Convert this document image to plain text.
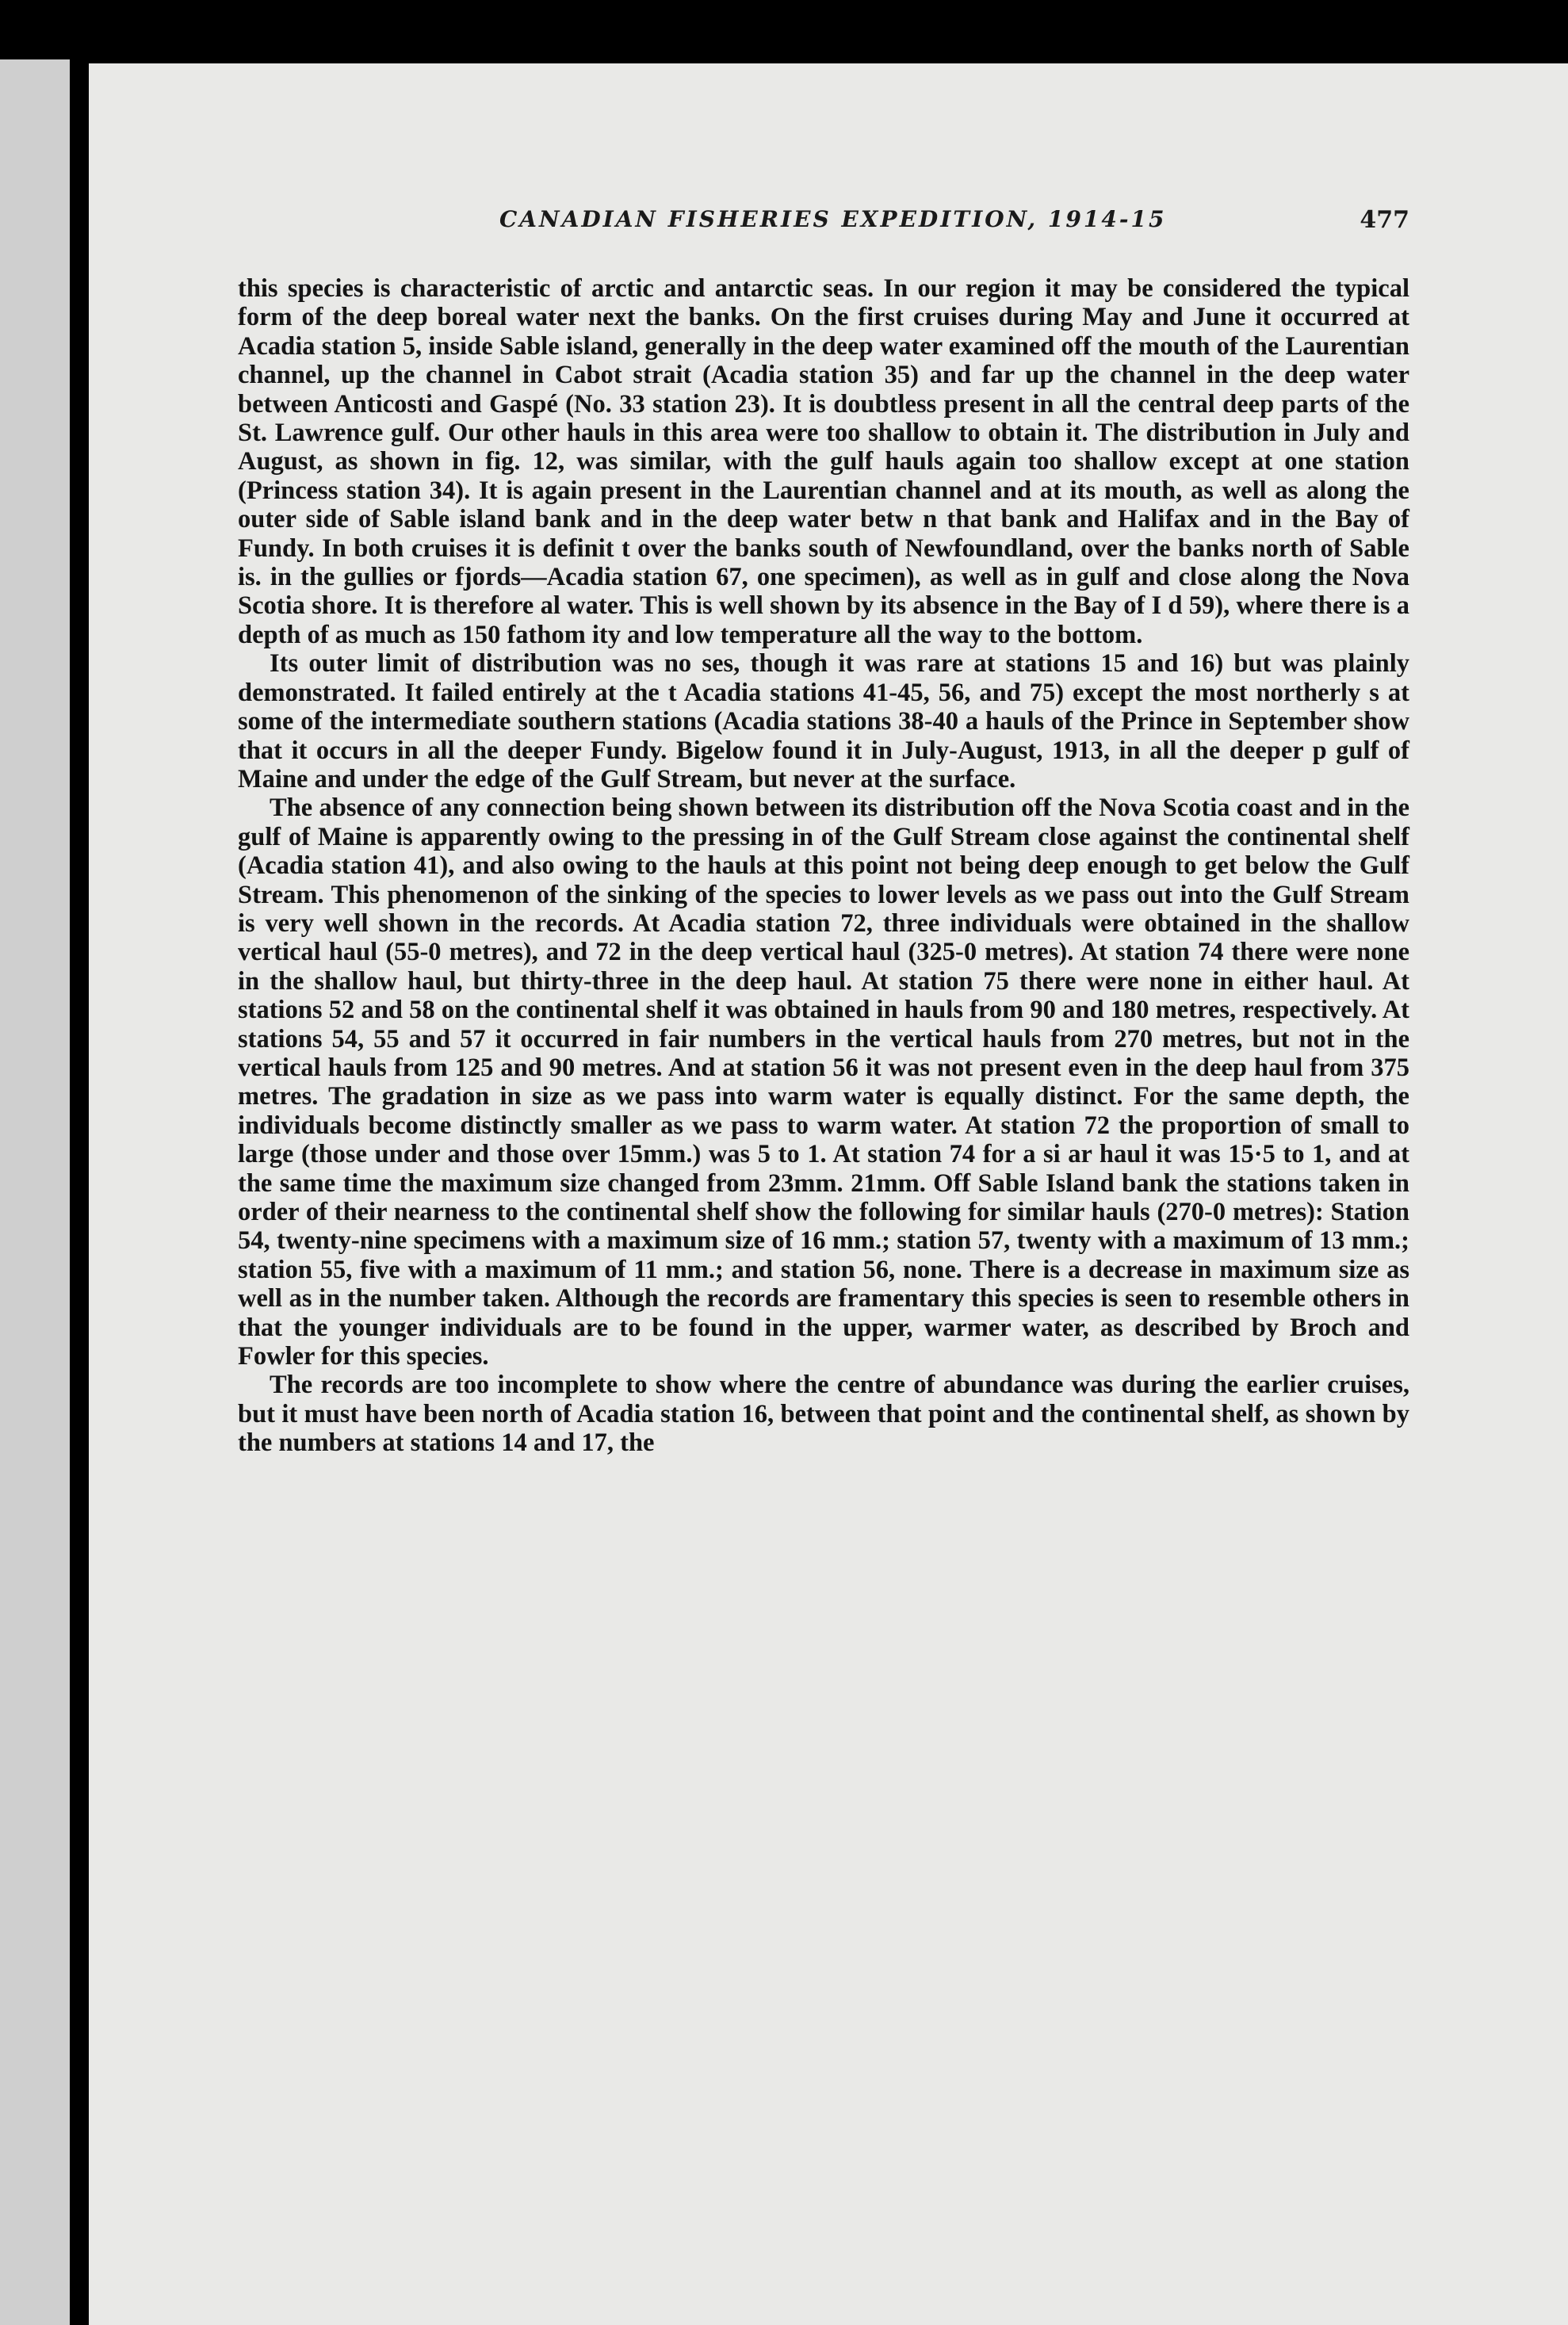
CANADIAN FISHERIES EXPEDITION, 1914-15	477

this species is characteristic of arctic and antarctic seas. In our region it may be considered the typical form of the deep boreal water next the banks. On the first cruises during May and June it occurred at Acadia station 5, inside Sable island, generally in the deep water examined off the mouth of the Laurentian channel, up the channel in Cabot strait (Acadia station 35) and far up the channel in the deep water between Anticosti and Gaspé (No. 33 station 23). It is doubtless present in all the central deep parts of the St. Lawrence gulf. Our other hauls in this area were too shallow to obtain it. The distribution in July and August, as shown in fig. 12, was similar, with the gulf hauls again too shallow except at one station (Princess station 34). It is again present in the Laurentian channel and at its mouth, as well as along the outer side of Sable island bank and in the deep water betw n that bank and Halifax and in the Bay of Fundy. In both cruises it is definit t over the banks south of Newfoundland, over the banks north of Sable is. in the gullies or fjords—Acadia station 67, one specimen), as well as in gulf and close along the Nova Scotia shore. It is therefore al water. This is well shown by its absence in the Bay of I d 59), where there is a depth of as much as 150 fathom ity and low temperature all the way to the bottom.

Its outer limit of distribution was no ses, though it was rare at stations 15 and 16) but was plainly demonstrated. It failed entirely at the t Acadia stations 41-45, 56, and 75) except the most northerly s at some of the intermediate southern stations (Acadia stations 38-40 a hauls of the Prince in September show that it occurs in all the deeper Fundy. Bigelow found it in July-August, 1913, in all the deeper p gulf of Maine and under the edge of the Gulf Stream, but never at the surface.

The absence of any connection being shown between its distribution off the Nova Scotia coast and in the gulf of Maine is apparently owing to the pressing in of the Gulf Stream close against the continental shelf (Acadia station 41), and also owing to the hauls at this point not being deep enough to get below the Gulf Stream. This phenomenon of the sinking of the species to lower levels as we pass out into the Gulf Stream is very well shown in the records. At Acadia station 72, three individuals were obtained in the shallow vertical haul (55-0 metres), and 72 in the deep vertical haul (325-0 metres). At station 74 there were none in the shallow haul, but thirty-three in the deep haul. At station 75 there were none in either haul. At stations 52 and 58 on the continental shelf it was obtained in hauls from 90 and 180 metres, respectively. At stations 54, 55 and 57 it occurred in fair numbers in the vertical hauls from 270 metres, but not in the vertical hauls from 125 and 90 metres. And at station 56 it was not present even in the deep haul from 375 metres. The gradation in size as we pass into warm water is equally distinct. For the same depth, the individuals become distinctly smaller as we pass to warm water. At station 72 the proportion of small to large (those under and those over 15mm.) was 5 to 1. At station 74 for a si ar haul it was 15·5 to 1, and at the same time the maximum size changed from 23mm. 21mm. Off Sable Island bank the stations taken in order of their nearness to the continental shelf show the following for similar hauls (270-0 metres): Station 54, twenty-nine specimens with a maximum size of 16 mm.; station 57, twenty with a maximum of 13 mm.; station 55, five with a maximum of 11 mm.; and station 56, none. There is a decrease in maximum size as well as in the number taken. Although the records are framentary this species is seen to resemble others in that the younger individuals are to be found in the upper, warmer water, as described by Broch and Fowler for this species.

The records are too incomplete to show where the centre of abundance was during the earlier cruises, but it must have been north of Acadia station 16, between that point and the continental shelf, as shown by the numbers at stations 14 and 17, the
